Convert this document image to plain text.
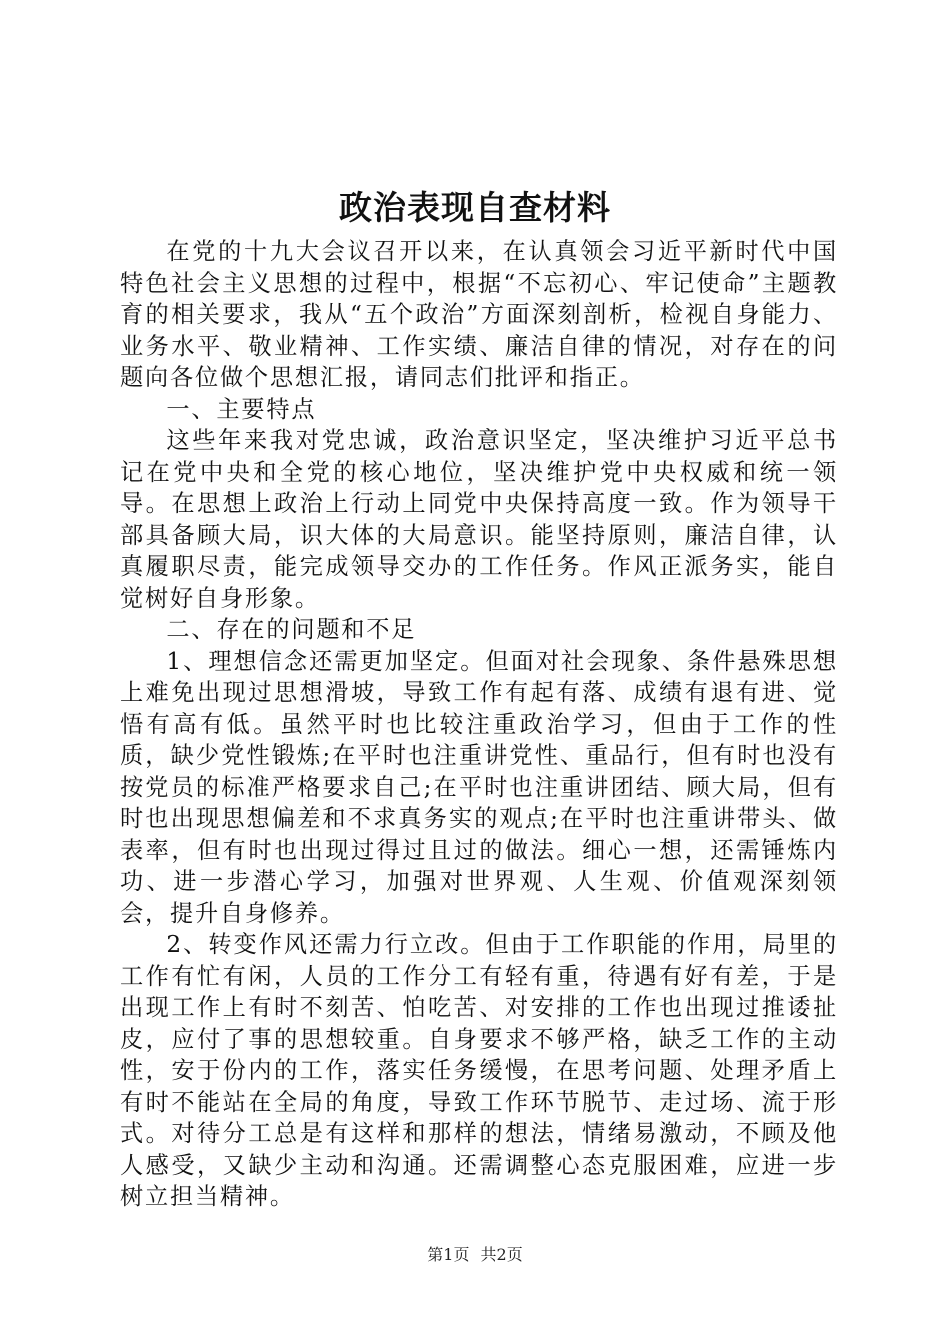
政治表现自查材料

在党的十九大会议召开以来，在认真领会习近平新时代中国特色社会主义思想的过程中，根据“不忘初心、牢记使命”主题教育的相关要求，我从“五个政治”方面深刻剖析，检视自身能力、业务水平、敬业精神、工作实绩、廉洁自律的情况，对存在的问题向各位做个思想汇报，请同志们批评和指正。

一、主要特点

这些年来我对党忠诚，政治意识坚定，坚决维护习近平总书记在党中央和全党的核心地位，坚决维护党中央权威和统一领导。在思想上政治上行动上同党中央保持高度一致。作为领导干部具备顾大局，识大体的大局意识。能坚持原则，廉洁自律，认真履职尽责，能完成领导交办的工作任务。作风正派务实，能自觉树好自身形象。

二、存在的问题和不足

1、理想信念还需更加坚定。但面对社会现象、条件悬殊思想上难免出现过思想滑坡，导致工作有起有落、成绩有退有进、觉悟有高有低。虽然平时也比较注重政治学习，但由于工作的性质，缺少党性锻炼;在平时也注重讲党性、重品行，但有时也没有按党员的标准严格要求自己;在平时也注重讲团结、顾大局，但有时也出现思想偏差和不求真务实的观点;在平时也注重讲带头、做表率，但有时也出现过得过且过的做法。细心一想，还需锤炼内功、进一步潜心学习，加强对世界观、人生观、价值观深刻领会，提升自身修养。

2、转变作风还需力行立改。但由于工作职能的作用，局里的工作有忙有闲，人员的工作分工有轻有重，待遇有好有差，于是出现工作上有时不刻苦、怕吃苦、对安排的工作也出现过推诿扯皮，应付了事的思想较重。自身要求不够严格，缺乏工作的主动性，安于份内的工作，落实任务缓慢，在思考问题、处理矛盾上有时不能站在全局的角度，导致工作环节脱节、走过场、流于形式。对待分工总是有这样和那样的想法，情绪易激动，不顾及他人感受，又缺少主动和沟通。还需调整心态克服困难，应进一步树立担当精神。

第1页 共2页
